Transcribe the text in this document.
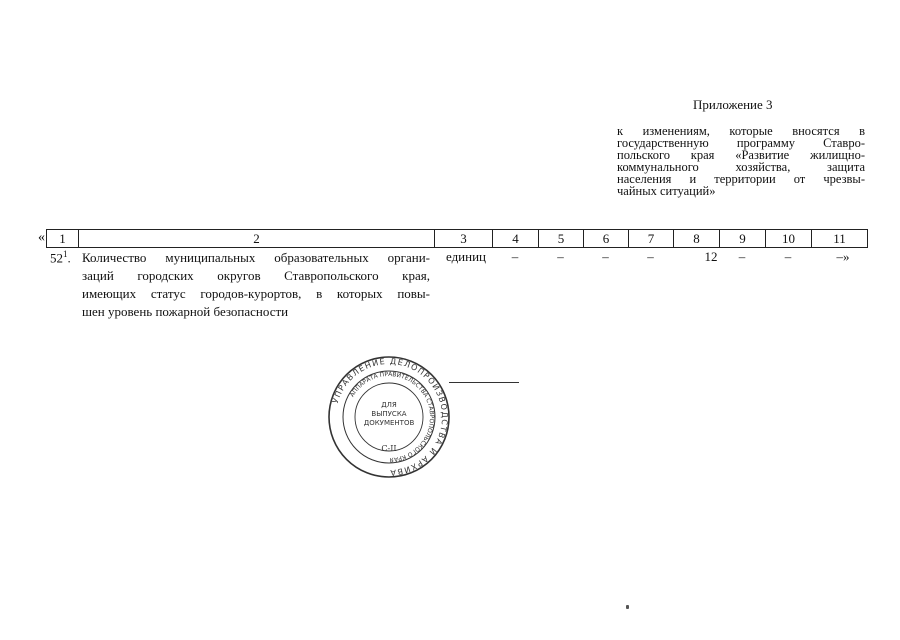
Приложение 3
к изменениям, которые вносятся в
государственную программу Ставро-
польского края «Развитие жилищно-
коммунального хозяйства, защита
населения и территории от чрезвы-
чайных ситуаций»
« 1	2	3	4	5	6	7	8	9	10	11
$52^1$. Количество муниципальных образовательных органи-
заций городских округов Ставропольского края,
имеющих статус городов-курортов, в которых повы-
шен уровень пожарной безопасности
единиц	–	–	–	–	12	–	–	–»
УПРАВЛЕНИЕ ДЕЛОПРОИЗВОДСТВА И АРХИВА
АППАРАТА ПРАВИТЕЛЬСТВА СТАВРОПОЛЬСКОГО КРАЯ
ДЛЯ
ВЫПУСКА
ДОКУМЕНТОВ
С-II
